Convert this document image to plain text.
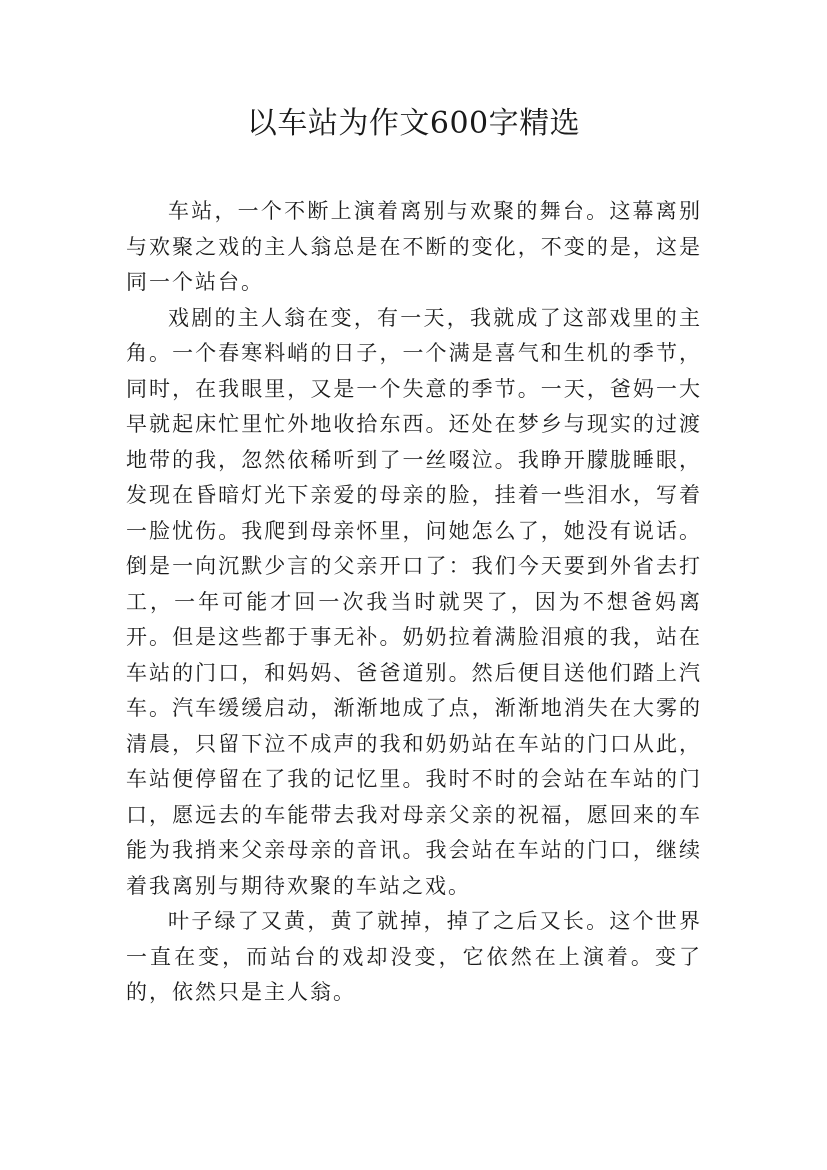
以车站为作文600字精选

车站，一个不断上演着离别与欢聚的舞台。这幕离别与欢聚之戏的主人翁总是在不断的变化，不变的是，这是同一个站台。

戏剧的主人翁在变，有一天，我就成了这部戏里的主角。一个春寒料峭的日子，一个满是喜气和生机的季节，同时，在我眼里，又是一个失意的季节。一天，爸妈一大早就起床忙里忙外地收拾东西。还处在梦乡与现实的过渡地带的我，忽然依稀听到了一丝啜泣。我睁开朦胧睡眼，发现在昏暗灯光下亲爱的母亲的脸，挂着一些泪水，写着一脸忧伤。我爬到母亲怀里，问她怎么了，她没有说话。倒是一向沉默少言的父亲开口了：我们今天要到外省去打工，一年可能才回一次我当时就哭了，因为不想爸妈离开。但是这些都于事无补。奶奶拉着满脸泪痕的我，站在车站的门口，和妈妈、爸爸道别。然后便目送他们踏上汽车。汽车缓缓启动，渐渐地成了点，渐渐地消失在大雾的清晨，只留下泣不成声的我和奶奶站在车站的门口从此，车站便停留在了我的记忆里。我时不时的会站在车站的门口，愿远去的车能带去我对母亲父亲的祝福，愿回来的车能为我捎来父亲母亲的音讯。我会站在车站的门口，继续着我离别与期待欢聚的车站之戏。

叶子绿了又黄，黄了就掉，掉了之后又长。这个世界一直在变，而站台的戏却没变，它依然在上演着。变了的，依然只是主人翁。
